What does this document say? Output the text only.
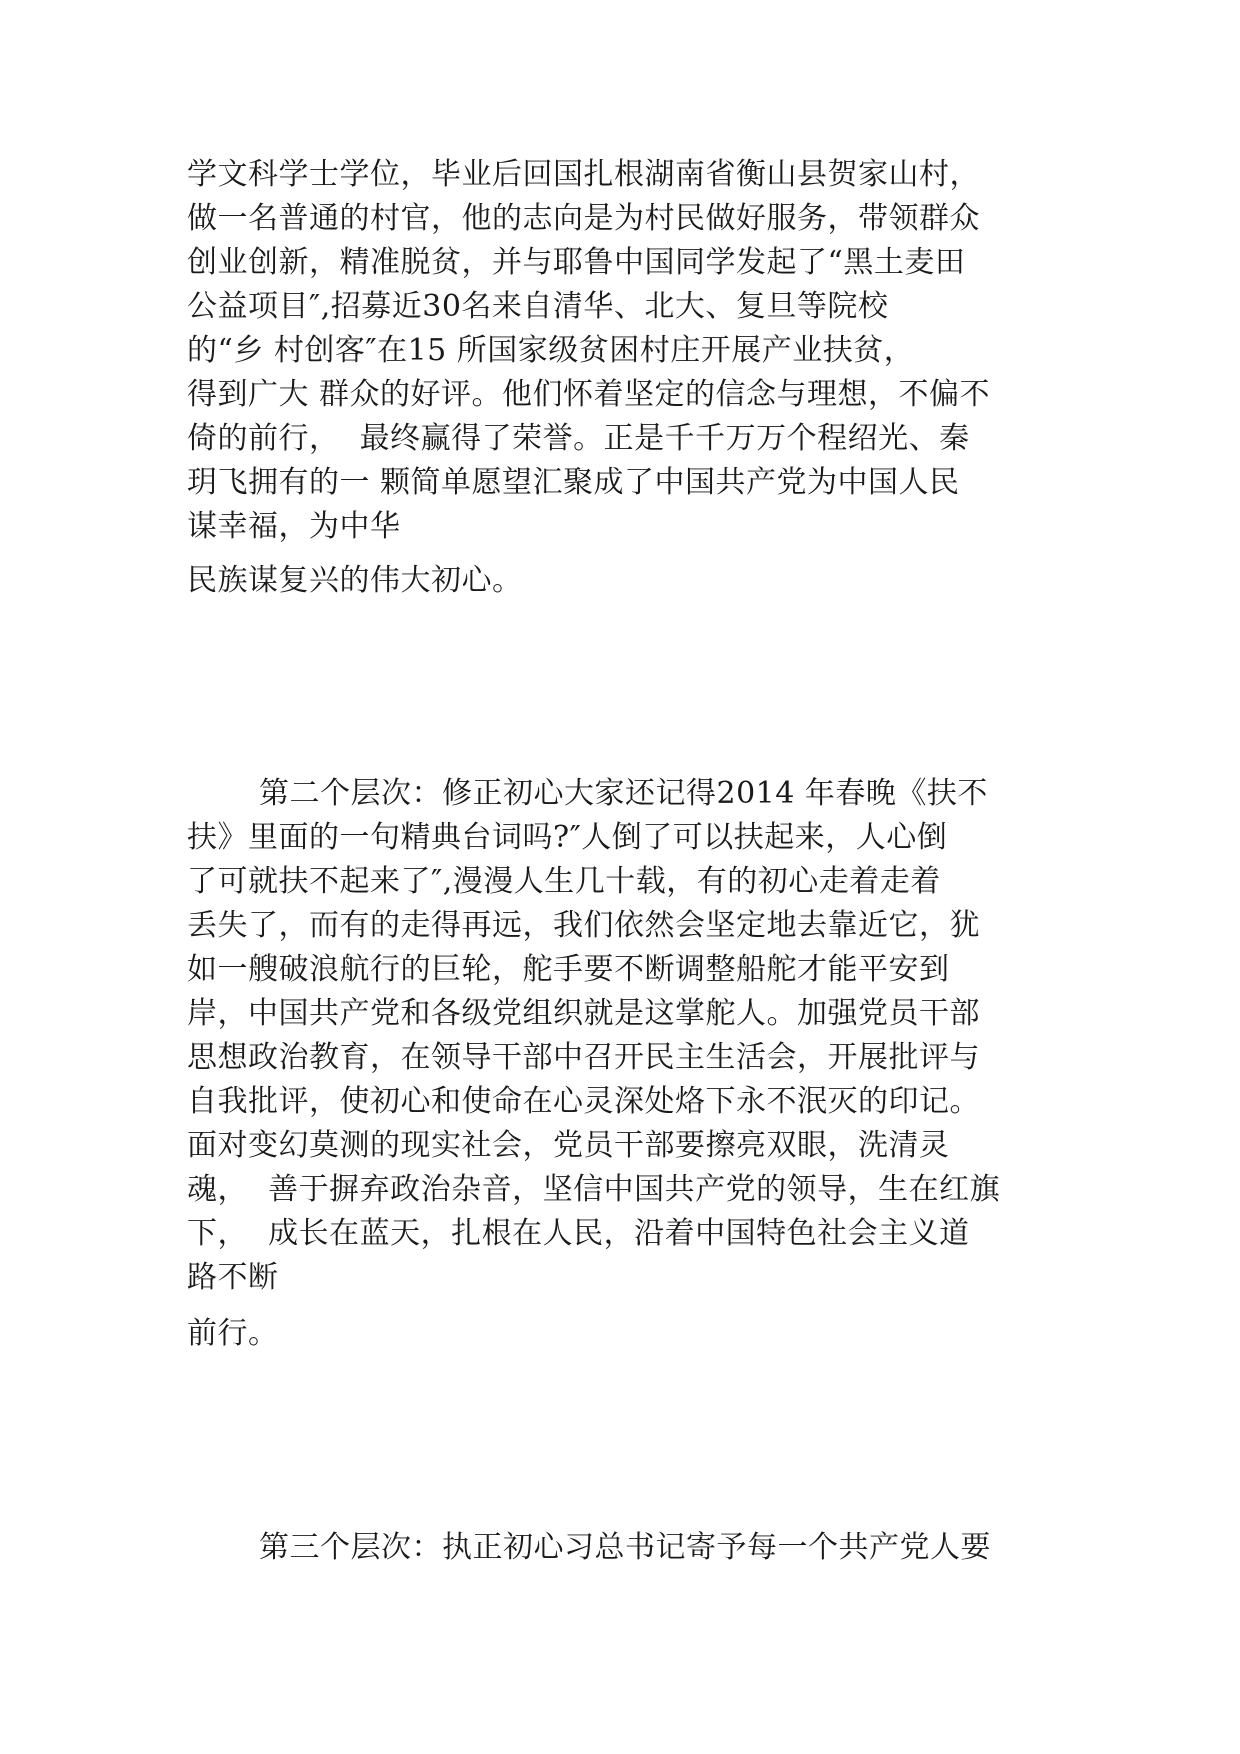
学文科学士学位，毕业后回国扎根湖南省衡山县贺家山村，
做一名普通的村官，他的志向是为村民做好服务，带领群众
创业创新，精准脱贫，并与耶鲁中国同学发起了“黑土麦田
公益项目″,招募近30名来自清华、北大、复旦等院校
的“乡 村创客″在15 所国家级贫困村庄开展产业扶贫，
得到广大 群众的好评。他们怀着坚定的信念与理想，不偏不
倚的前行，  最终赢得了荣誉。正是千千万万个程绍光、秦
玥飞拥有的一 颗简单愿望汇聚成了中国共产党为中国人民
谋幸福，为中华
民族谋复兴的伟大初心。
第二个层次：修正初心大家还记得2014 年春晚《扶不
扶》里面的一句精典台词吗?″人倒了可以扶起来，人心倒
了可就扶不起来了″,漫漫人生几十载，有的初心走着走着
丢失了，而有的走得再远，我们依然会坚定地去靠近它，犹
如一艘破浪航行的巨轮，舵手要不断调整船舵才能平安到
岸，中国共产党和各级党组织就是这掌舵人。加强党员干部
思想政治教育，在领导干部中召开民主生活会，开展批评与
自我批评，使初心和使命在心灵深处烙下永不泯灭的印记。
面对变幻莫测的现实社会，党员干部要擦亮双眼，洗清灵
魂，  善于摒弃政治杂音，坚信中国共产党的领导，生在红旗
下，  成长在蓝天，扎根在人民，沿着中国特色社会主义道
路不断
前行。
第三个层次：执正初心习总书记寄予每一个共产党人要
